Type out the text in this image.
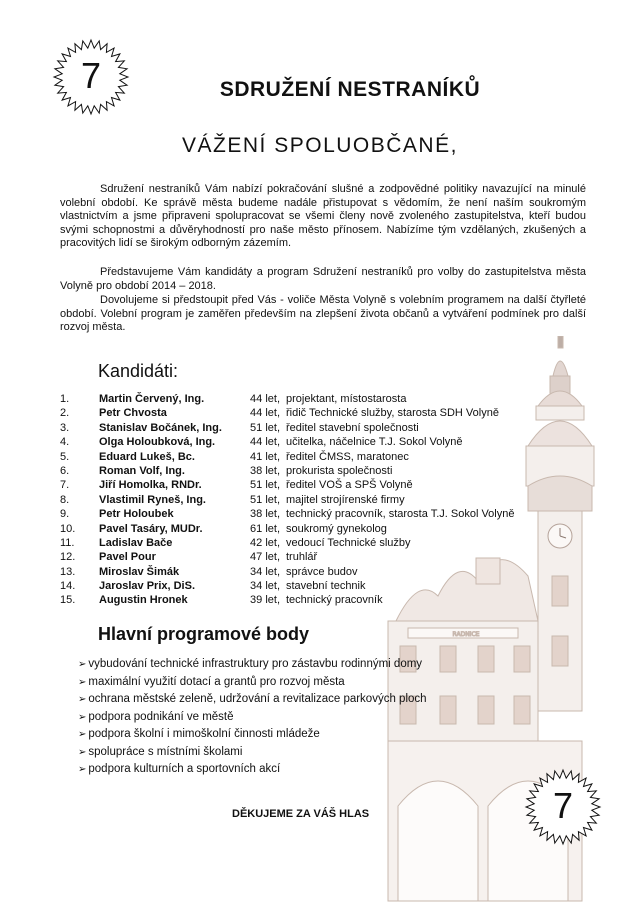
RADNICE
7	SDRUŽENÍ NESTRANÍKŮ
VÁŽENÍ SPOLUOBČANÉ,
Sdružení nestraníků Vám nabízí pokračování slušné a zodpovědné politiky navazující na minulé volební období. Ke správě města budeme nadále přistupovat s vědomím, že není naším soukromým vlastnictvím a jsme připraveni spolupracovat se všemi členy nově zvoleného zastupitelstva, kteří budou svými schopnostmi a důvěryhodností pro naše město přínosem. Nabízíme tým vzdělaných, zkušených a pracovitých lidí se širokým odborným zázemím.
Představujeme Vám kandidáty a program Sdružení nestraníků pro volby do zastupitelstva města Volyně pro období 2014 – 2018.
Dovolujeme si předstoupit před Vás - voliče Města Volyně s volebním programem na další čtyřleté období. Volební program je zaměřen především na zlepšení života občanů a vytváření podmínek pro další rozvoj města.
Kandidáti:
1.	Martin Červený, Ing.	44 let, projektant, místostarosta
2.	Petr Chvosta	44 let, řidič Technické služby, starosta SDH Volyně
3.	Stanislav Bočánek, Ing.	51 let, ředitel stavební společnosti
4.	Olga Holoubková, Ing.	44 let, učitelka, náčelnice T.J. Sokol Volyně
5.	Eduard Lukeš, Bc.	41 let, ředitel ČMSS, maratonec
6.	Roman Volf, Ing.	38 let, prokurista společnosti
7.	Jiří Homolka, RNDr.	51 let, ředitel VOŠ a SPŠ Volyně
8.	Vlastimil Ryneš, Ing.	51 let, majitel strojírenské firmy
9.	Petr Holoubek	38 let, technický pracovník, starosta T.J. Sokol Volyně
10. Pavel Tasáry, MUDr.	61 let, soukromý gynekolog
11. Ladislav Bače	42 let, vedoucí Technické služby
12. Pavel Pour	47 let, truhlář
13. Miroslav Šimák	34 let, správce budov
14. Jaroslav Prix, DiS.	34 let, stavební technik
15. Augustin Hronek	39 let, technický pracovník
Hlavní programové body
➢ vybudování technické infrastruktury pro zástavbu rodinnými domy
➢ maximální využití dotací a grantů pro rozvoj města
➢ ochrana městské zeleně, udržování a revitalizace parkových ploch
➢ podpora podnikání ve městě
➢ podpora školní i mimoškolní činnosti mládeže
➢ spolupráce s místními školami
➢ podpora kulturních a sportovních akcí
DĚKUJEME ZA VÁŠ HLAS	7
